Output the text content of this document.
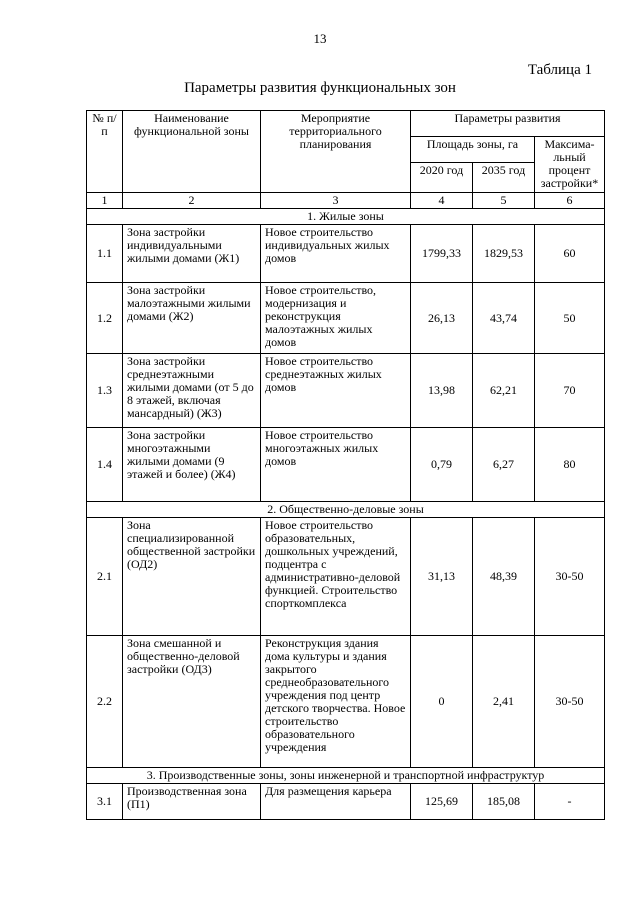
13
Таблица 1
Параметры развития функциональных зон
№ п/п	Наименование функциональной зоны	Мероприятие территориального планирования	Параметры развития		
			Площадь зоны, га		Максима-льный процент застройки*
			2020 год	2035 год	
1	2	3	4	5	6
1. Жилые зоны					
1.1	Зона застройки индивидуальными жилыми домами (Ж1)	Новое строительство индивидуальных жилых домов	1799,33	1829,53	60
1.2	Зона застройки малоэтажными жилыми домами (Ж2)	Новое строительство, модернизация и реконструкция малоэтажных жилых домов	26,13	43,74	50
1.3	Зона застройки среднеэтажными жилыми домами (от 5 до 8 этажей, включая мансардный) (Ж3)	Новое строительство среднеэтажных жилых домов	13,98	62,21	70
1.4	Зона застройки многоэтажными жилыми домами (9 этажей и более) (Ж4)	Новое строительство многоэтажных жилых домов	0,79	6,27	80
2. Общественно-деловые зоны					
2.1	Зона специализированной общественной застройки (ОД2)	Новое строительство образовательных, дошкольных учреждений, подцентра с административно-деловой функцией. Строительство спорткомплекса	31,13	48,39	30-50
2.2	Зона смешанной и общественно-деловой застройки (ОД3)	Реконструкция здания дома культуры и здания закрытого среднеобразовательного учреждения под центр детского творчества. Новое строительство образовательного учреждения	0	2,41	30-50
3. Производственные зоны, зоны инженерной и транспортной инфраструктур					
3.1	Производственная зона (П1)	Для размещения карьера	125,69	185,08	-
